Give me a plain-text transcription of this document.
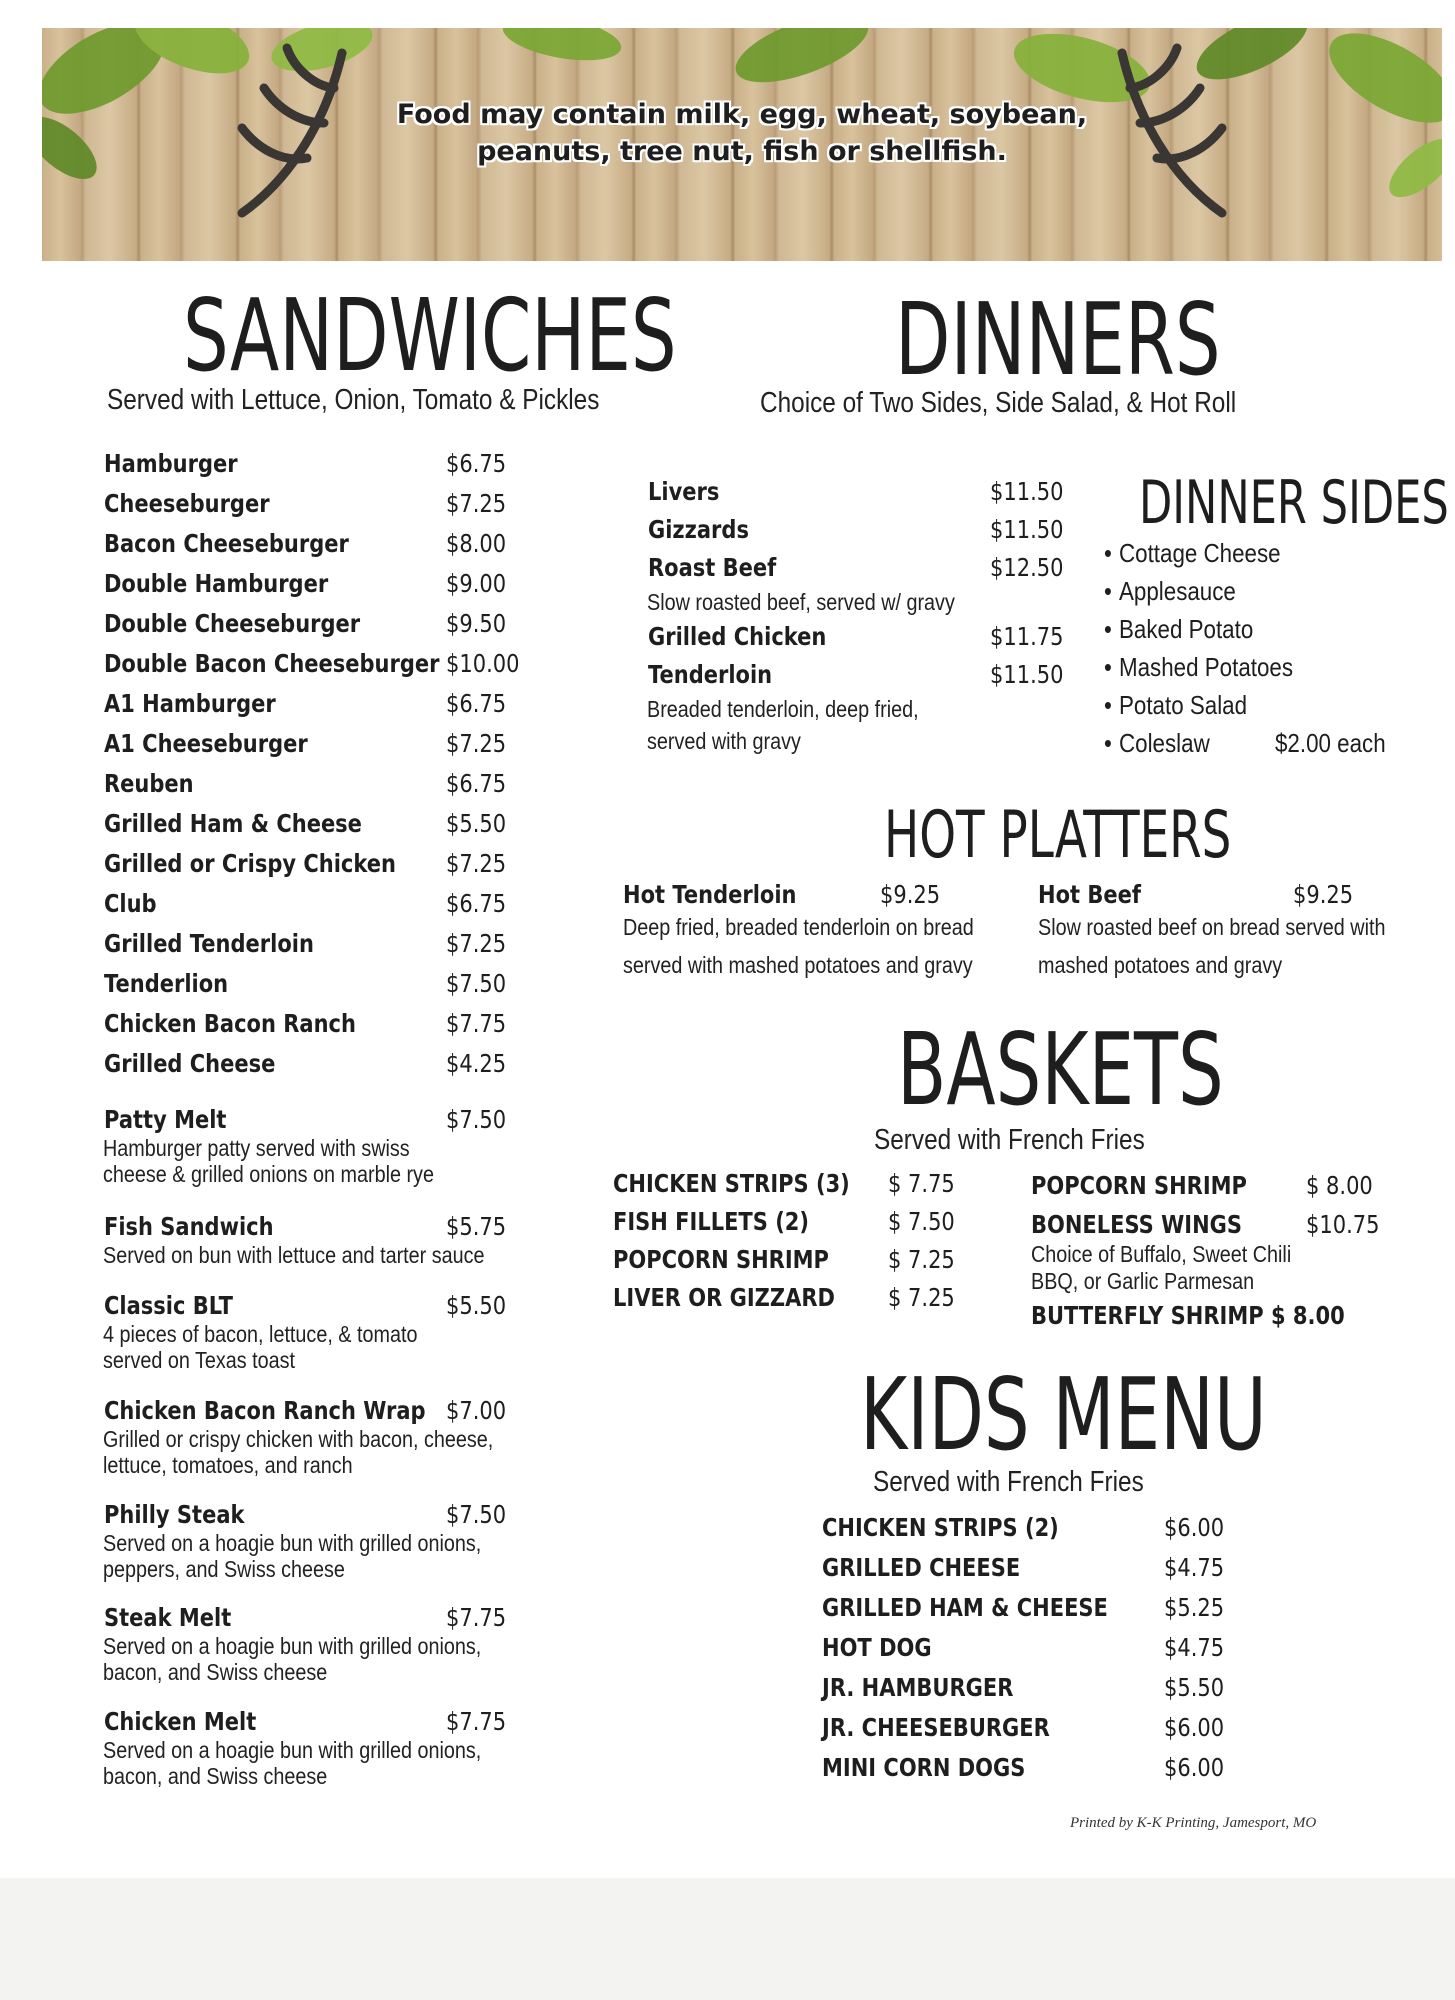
Food may contain milk, egg, wheat, soybean,
peanuts, tree nut, fish or shellfish.
SANDWICHES
Served with Lettuce, Onion, Tomato & Pickles
Hamburger	$6.75
Cheeseburger	$7.25
Bacon Cheeseburger	$8.00
Double Hamburger	$9.00
Double Cheeseburger	$9.50
Double Bacon Cheeseburger $10.00
A1 Hamburger	$6.75
A1 Cheeseburger	$7.25
Reuben	$6.75
Grilled Ham & Cheese	$5.50
Grilled or Crispy Chicken $7.25
Club	$6.75
Grilled Tenderloin	$7.25
Tenderlion	$7.50
Chicken Bacon Ranch	$7.75
Grilled Cheese	$4.25
Patty Melt	$7.50
Hamburger patty served with swiss
cheese & grilled onions on marble rye
Fish Sandwich	$5.75
Served on bun with lettuce and tarter sauce
Classic BLT	$5.50
4 pieces of bacon, lettuce, & tomato
served on Texas toast
Chicken Bacon Ranch Wrap $7.00
Grilled or crispy chicken with bacon, cheese,
lettuce, tomatoes, and ranch
Philly Steak	$7.50
Served on a hoagie bun with grilled onions,
peppers, and Swiss cheese
Steak Melt	$7.75
Served on a hoagie bun with grilled onions,
bacon, and Swiss cheese
Chicken Melt	$7.75
Served on a hoagie bun with grilled onions,
bacon, and Swiss cheese
DINNERS
Choice of Two Sides, Side Salad, & Hot Roll
Livers	$11.50
Gizzards	$11.50
Roast Beef	$12.50
Slow roasted beef, served w/ gravy
Grilled Chicken	$11.75
Tenderloin	$11.50
Breaded tenderloin, deep fried,
served with gravy
DINNER SIDES
• Cottage Cheese
• Applesauce
• Baked Potato
• Mashed Potatoes
• Potato Salad
• Coleslaw	$2.00 each
HOT PLATTERS
Hot Tenderloin	$9.25
Deep fried, breaded tenderloin on bread
served with mashed potatoes and gravy
Hot Beef	$9.25
Slow roasted beef on bread served with
mashed potatoes and gravy
BASKETS
Served with French Fries
CHICKEN STRIPS (3) $ 7.75
FISH FILLETS (2)	$ 7.50
POPCORN SHRIMP $ 7.25
LIVER OR GIZZARD $ 7.25
POPCORN SHRIMP $ 8.00
BONELESS WINGS	$10.75
Choice of Buffalo, Sweet Chili
BBQ, or Garlic Parmesan
BUTTERFLY SHRIMP $ 8.00
KIDS MENU
Served with French Fries
CHICKEN STRIPS (2)	$6.00
GRILLED CHEESE	$4.75
GRILLED HAM & CHEESE $5.25
HOT DOG	$4.75
JR. HAMBURGER	$5.50
JR. CHEESEBURGER	$6.00
MINI CORN DOGS	$6.00
Printed by K-K Printing, Jamesport, MO
